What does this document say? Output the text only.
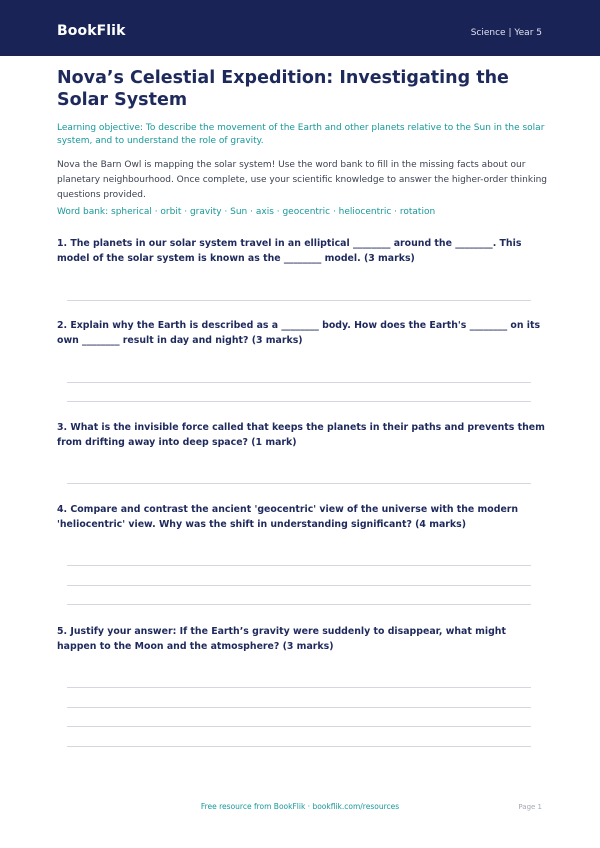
BookFlik	Science | Year 5
Nova’s Celestial Expedition: Investigating the Solar System
Learning objective: To describe the movement of the Earth and other planets relative to the Sun in the solar system, and to understand the role of gravity.
Nova the Barn Owl is mapping the solar system! Use the word bank to fill in the missing facts about our planetary neighbourhood. Once complete, use your scientific knowledge to answer the higher-order thinking questions provided.
Word bank: spherical · orbit · gravity · Sun · axis · geocentric · heliocentric · rotation
1. The planets in our solar system travel in an elliptical ________ around the ________. This model of the solar system is known as the ________ model. (3 marks)
2. Explain why the Earth is described as a ________ body. How does the Earth's ________ on its own ________ result in day and night? (3 marks)
3. What is the invisible force called that keeps the planets in their paths and prevents them from drifting away into deep space? (1 mark)
4. Compare and contrast the ancient 'geocentric' view of the universe with the modern 'heliocentric' view. Why was the shift in understanding significant? (4 marks)
5. Justify your answer: If the Earth’s gravity were suddenly to disappear, what might happen to the Moon and the atmosphere? (3 marks)
Free resource from BookFlik · bookflik.com/resources	Page 1
